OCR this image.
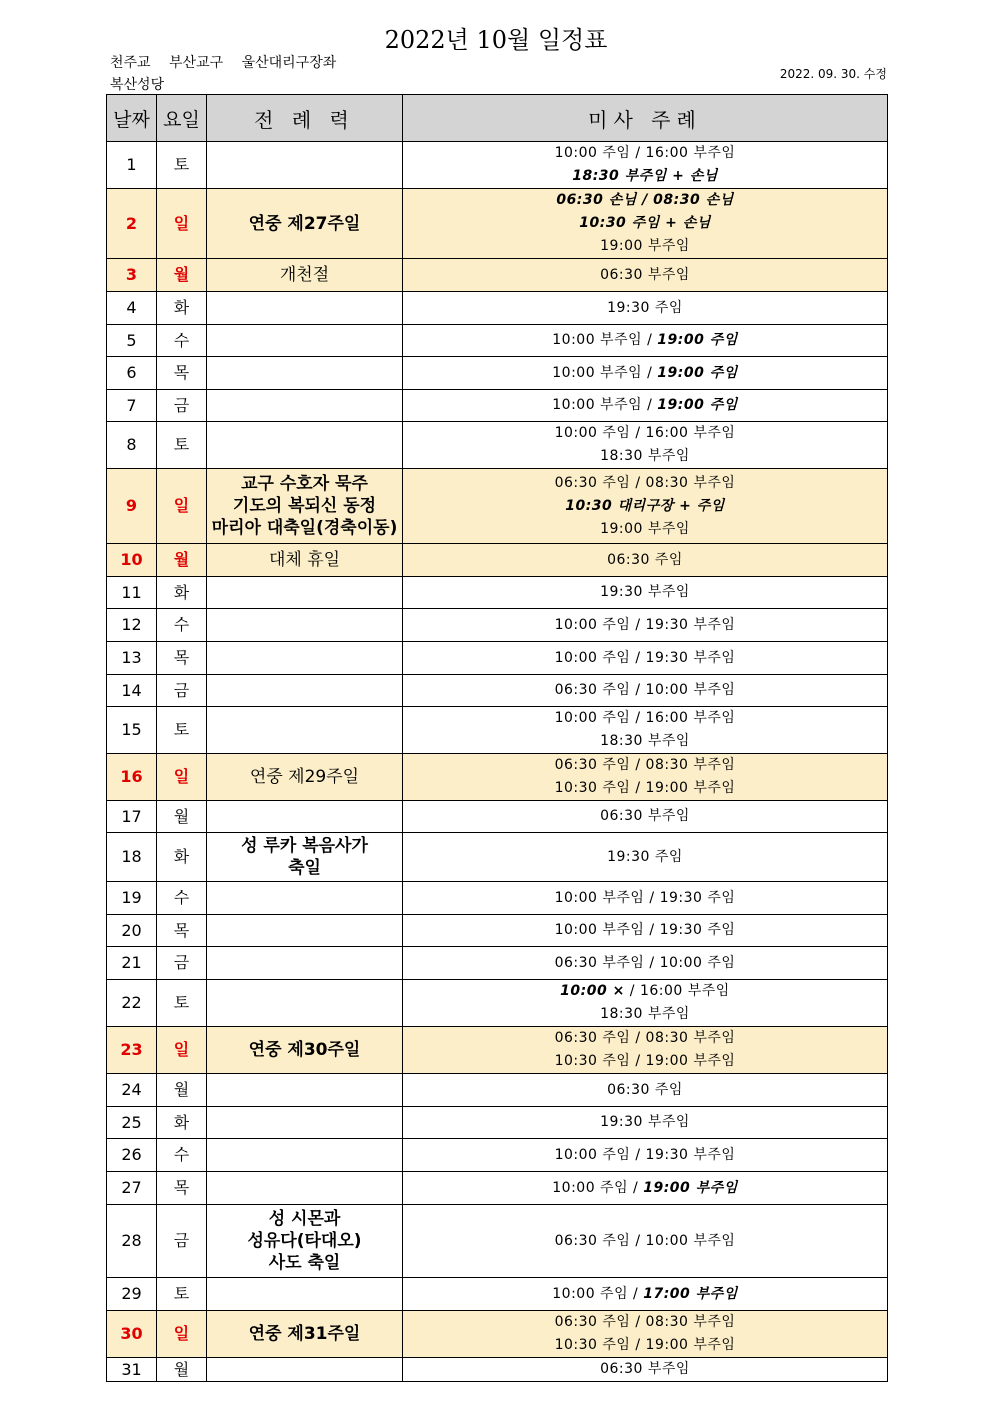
2022년 10월 일정표
천주교 부산교구 울산대리구장좌
복산성당
2022. 09. 30. 수정
날짜	요일	전 례 력	미사 주례
1	토		10:00 주임 / 16:00 부주임
18:30 부주임 + 손님

2	일	연중 제27주일	06:30 손님 / 08:30 손님
10:30 주임 + 손님
19:00 부주임

3	월	개천절	06:30 부주임

4	화		19:30 주임

5	수		10:00 부주임 / 19:00 주임

6	목		10:00 부주임 / 19:00 주임

7	금		10:00 부주임 / 19:00 주임

8	토		10:00 주임 / 16:00 부주임
18:30 부주임

9	일	교구 수호자 묵주
기도의 복되신 동정
마리아 대축일(경축이동)	06:30 주임 / 08:30 부주임
10:30 대리구장 + 주임
19:00 부주임

10	월	대체 휴일	06:30 주임

11	화		19:30 부주임

12	수		10:00 주임 / 19:30 부주임

13	목		10:00 주임 / 19:30 부주임

14	금		06:30 주임 / 10:00 부주임

15	토		10:00 주임 / 16:00 부주임
18:30 부주임

16	일	연중 제29주일	06:30 주임 / 08:30 부주임
10:30 주임 / 19:00 부주임

17	월		06:30 부주임

18	화	성 루카 복음사가
축일	19:30 주임

19	수		10:00 부주임 / 19:30 주임

20	목		10:00 부주임 / 19:30 주임

21	금		06:30 부주임 / 10:00 주임

22	토		10:00 × / 16:00 부주임
18:30 부주임

23	일	연중 제30주일	06:30 주임 / 08:30 부주임
10:30 주임 / 19:00 부주임

24	월		06:30 주임

25	화		19:30 부주임

26	수		10:00 주임 / 19:30 부주임

27	목		10:00 주임 / 19:00 부주임

28	금	성 시몬과
성유다(타대오)
사도 축일	06:30 주임 / 10:00 부주임

29	토		10:00 주임 / 17:00 부주임

30	일	연중 제31주일	06:30 주임 / 08:30 부주임
10:30 주임 / 19:00 부주임

31	월		06:30 부주임
